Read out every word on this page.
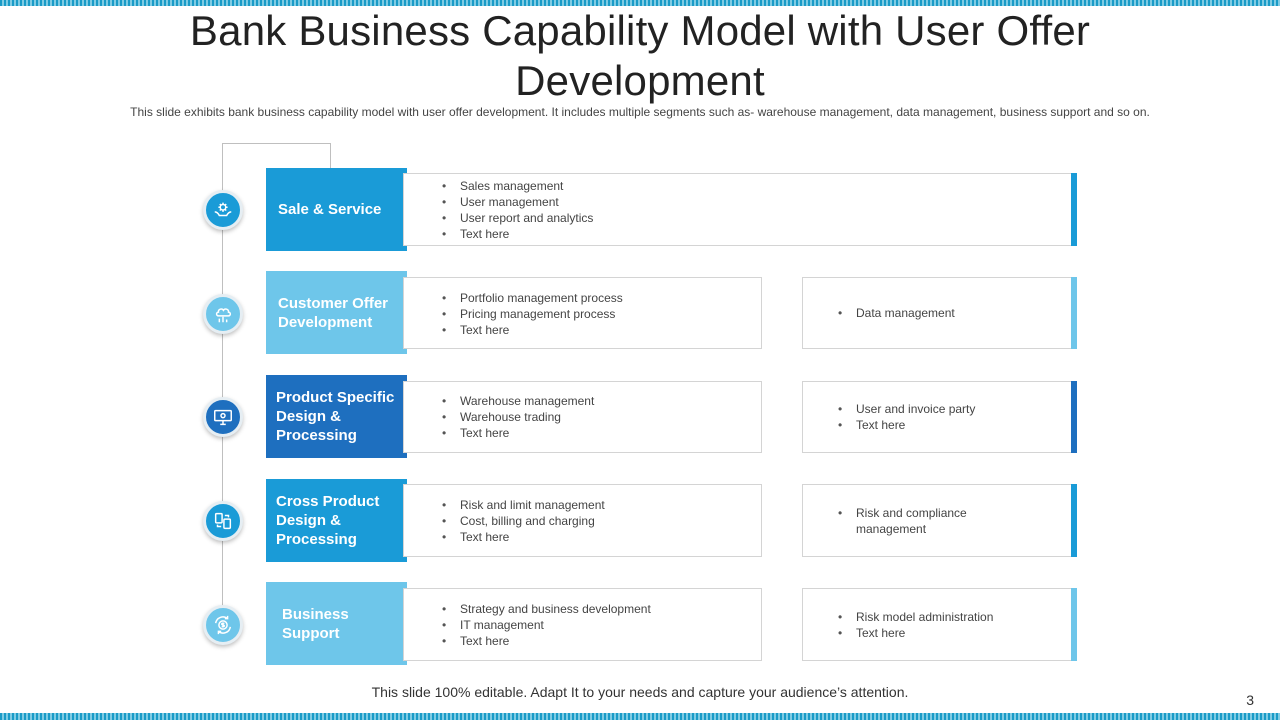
Bank Business Capability Model with User Offer Development

This slide exhibits bank business capability model with user offer development. It includes multiple segments such as- warehouse management, data management, business support and so on.

Sale & Service
• Sales management
• User management
• User report and analytics
• Text here
Customer Offer Development
• Portfolio management process
• Pricing management process
• Text here
• Data management
Product Specific Design & Processing
• Warehouse management
• Warehouse trading
• Text here
• User and invoice party
• Text here
Cross Product Design & Processing
• Risk and limit management
• Cost, billing and charging
• Text here
• Risk and compliance management
Business Support
• Strategy and business development
• IT management
• Text here
• Risk model administration
• Text here
This slide 100% editable. Adapt It to your needs and capture your audience’s attention.	3
